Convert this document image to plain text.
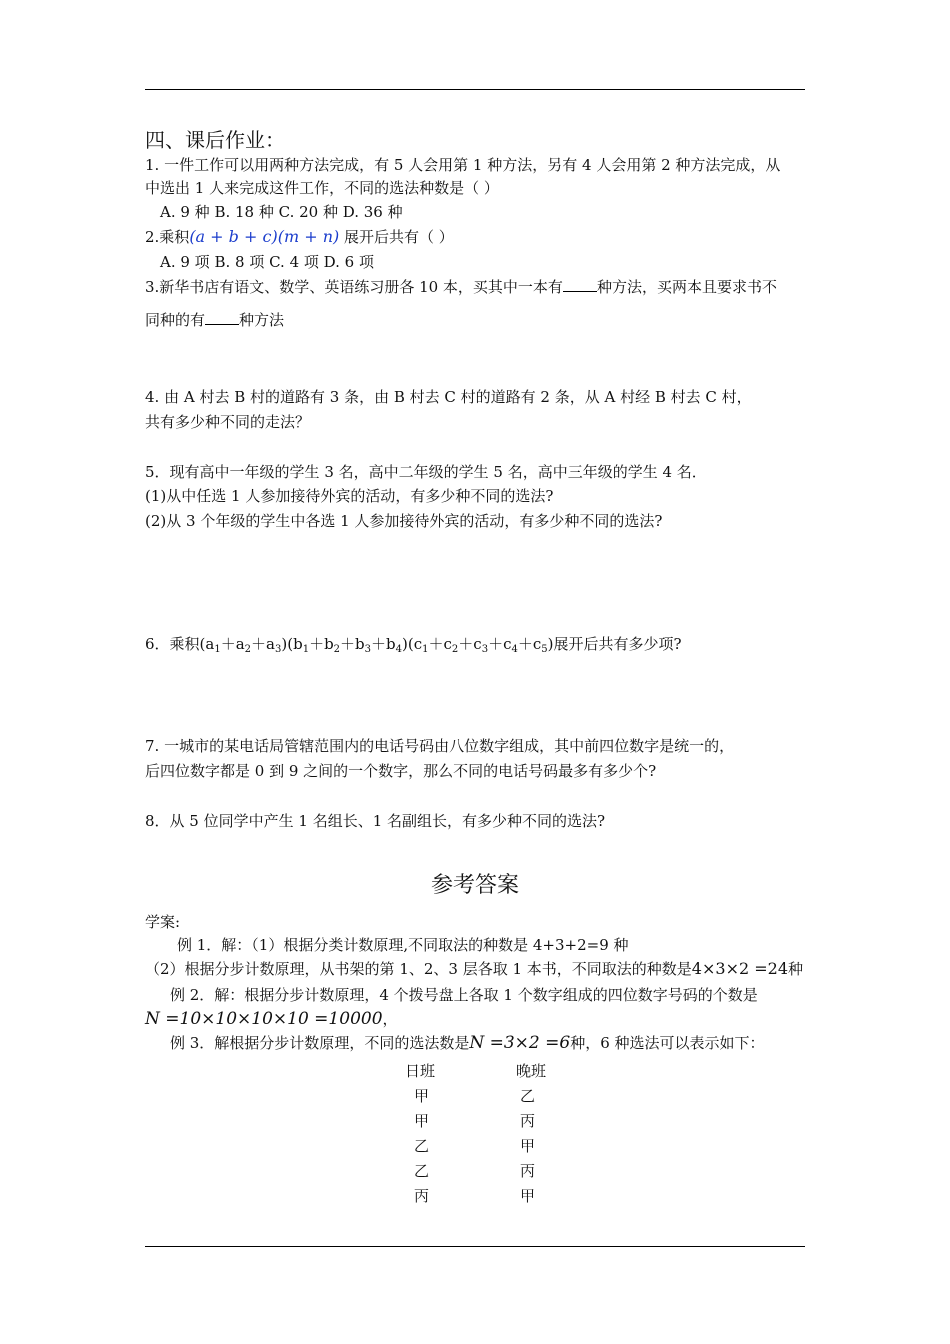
四、课后作业：
1. 一件工作可以用两种方法完成，有 5 人会用第 1 种方法，另有 4 人会用第 2 种方法完成，从
中选出 1 人来完成这件工作，不同的选法种数是（ ）
A. 9 种 B. 18 种 C. 20 种 D. 36 种
2.乘积(a + b + c)(m + n) 展开后共有（ ）
A. 9 项 B. 8 项 C. 4 项 D. 6 项
3.新华书店有语文、数学、英语练习册各 10 本，买其中一本有 种方法，买两本且要求书不
同种的有 种方法
4. 由 A 村去 B 村的道路有 3 条，由 B 村去 C 村的道路有 2 条，从 A 村经 B 村去 C 村，
共有多少种不同的走法？
5．现有高中一年级的学生 3 名，高中二年级的学生 5 名，高中三年级的学生 4 名．
(1)从中任选 1 人参加接待外宾的活动，有多少种不同的选法?
(2)从 3 个年级的学生中各选 1 人参加接待外宾的活动，有多少种不同的选法?
6．乘积$(a_1+a_2+a_3)(b_1+b_2+b_3+b_4)(c_1+c_2+c_3+c_4+c_5)$展开后共有多少项?
7. 一城市的某电话局管辖范围内的电话号码由八位数字组成，其中前四位数字是统一的，
后四位数字都是 0 到 9 之间的一个数字，那么不同的电话号码最多有多少个?
8．从 5 位同学中产生 1 名组长、1 名副组长，有多少种不同的选法?
参考答案
学案:
例 1．解：（1）根据分类计数原理,不同取法的种数是 4+3+2=9 种
（2）根据分步计数原理，从书架的第 1、2、3 层各取 1 本书，不同取法的种数是4×3×2 =24种
例 2．解：根据分步计数原理，4 个拨号盘上各取 1 个数字组成的四位数字号码的个数是
N =10×10×10×10 =10000，
例 3．解根据分步计数原理，不同的选法数是N =3×2 =6种，6 种选法可以表示如下：
日班	晚班
甲	乙
甲	丙
乙	甲
乙	丙
丙	甲
